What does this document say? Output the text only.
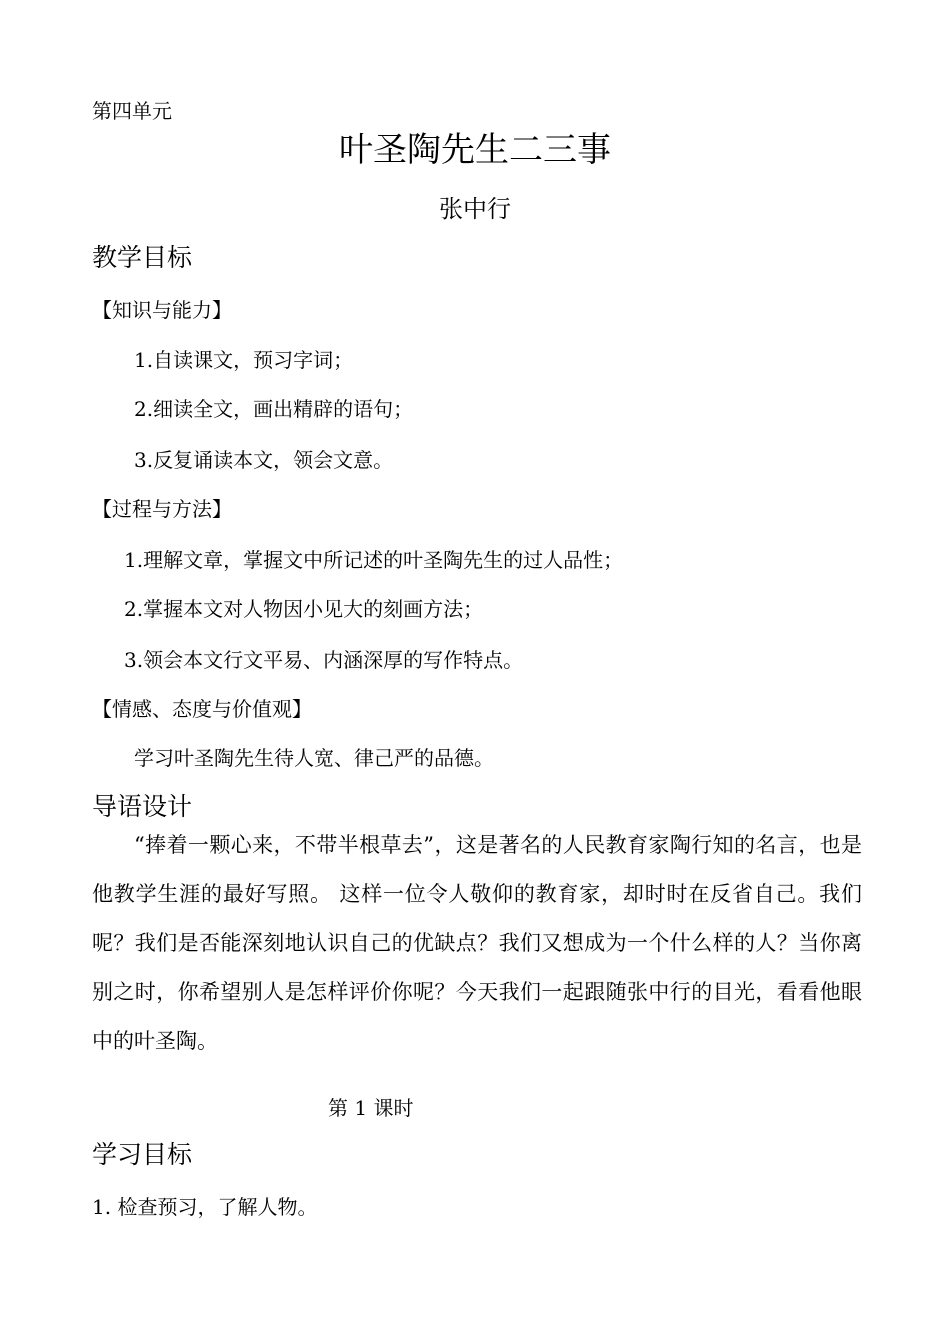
第四单元
叶圣陶先生二三事
张中行
教学目标
【知识与能力】
1.自读课文，预习字词；
2.细读全文，画出精辟的语句；
3.反复诵读本文，领会文意。
【过程与方法】
1.理解文章，掌握文中所记述的叶圣陶先生的过人品性；
2.掌握本文对人物因小见大的刻画方法；
3.领会本文行文平易、内涵深厚的写作特点。
【情感、态度与价值观】
学习叶圣陶先生待人宽、律己严的品德。
导语设计
“捧着一颗心来，不带半根草去”，这是著名的人民教育家陶行知的名言，也是他教学生涯的最好写照。 这样一位令人敬仰的教育家，却时时在反省自己。我们呢？我们是否能深刻地认识自己的优缺点？我们又想成为一个什么样的人？当你离别之时，你希望别人是怎样评价你呢？今天我们一起跟随张中行的目光，看看他眼中的叶圣陶。
第 1 课时
学习目标
1. 检查预习，了解人物。
